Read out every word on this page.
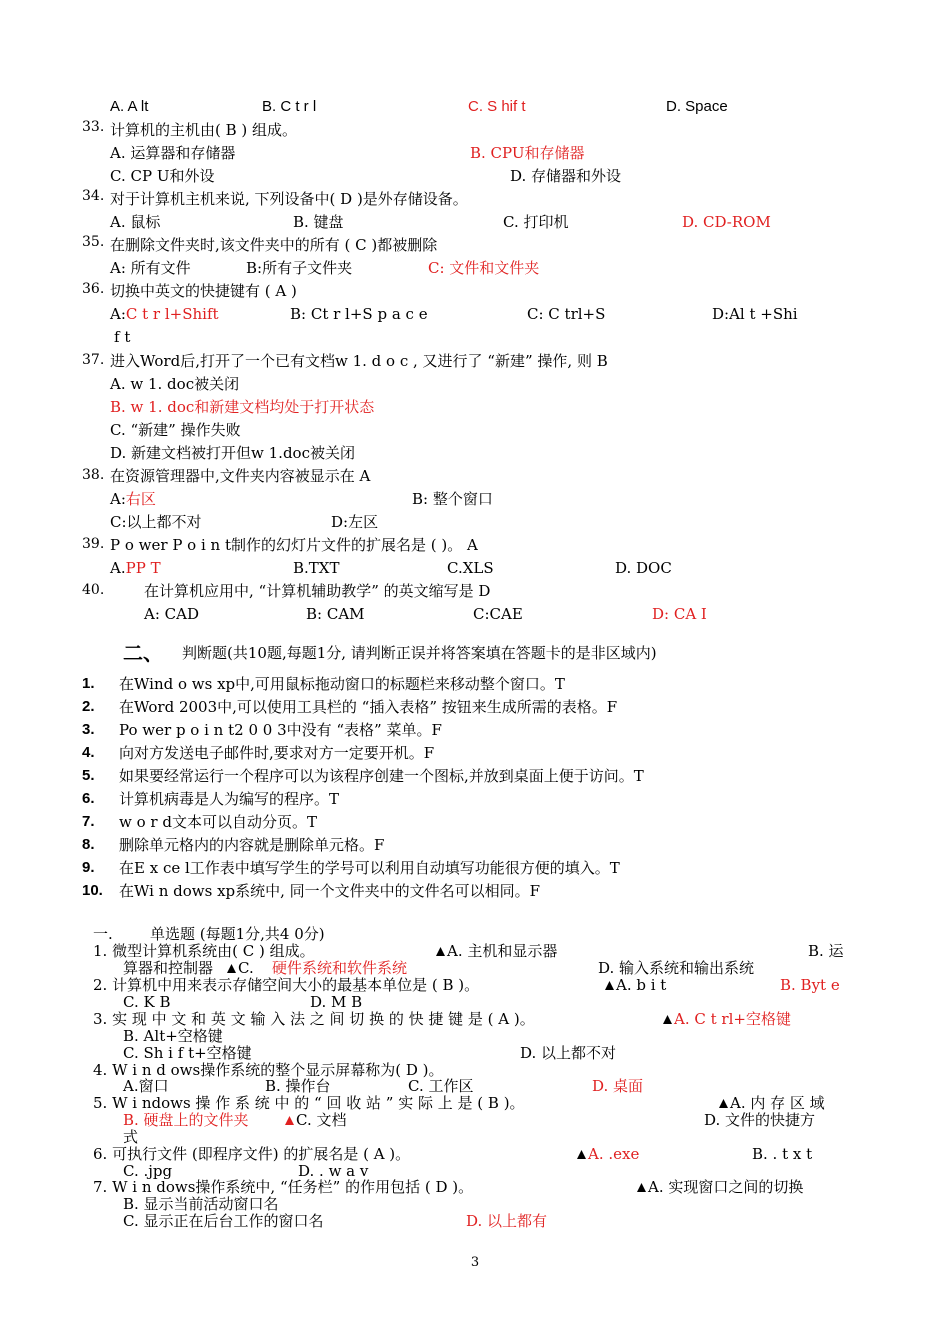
A. A lt	B. C t r l	C. S hif t	D. Space
33. 计算机的主机由( B ) 组成。
A. 运算器和存储器	B. CPU和存储器
C. CP U和外设	D. 存储器和外设
34. 对于计算机主机来说, 下列设备中( D )是外存储设备。
A. 鼠标	B. 键盘	C. 打印机	D. CD-ROM
35. 在删除文件夹时,该文件夹中的所有 ( C )都被删除
A: 所有文件	B:所有子文件夹	C: 文件和文件夹
36. 切换中英文的快捷键有 ( A )
A:C t r l+Shift	B: Ct r l+S p a c e	C: C trl+S	D:Al t +Shi
f t
37. 进入Word后,打开了一个已有文档w 1. d o c , 又进行了 “新建” 操作, 则 B
A. w 1. doc被关闭
B. w 1. doc和新建文档均处于打开状态
C. “新建” 操作失败
D. 新建文档被打开但w 1.doc被关闭
38. 在资源管理器中,文件夹内容被显示在 A
A:右区	B: 整个窗口
C:以上都不对	D:左区
39. P o wer P o i n t制作的幻灯片文件的扩展名是 ( )。 A
A.PP T	B.TXT	C.XLS	D. DOC
40.	在计算机应用中, “计算机辅助教学” 的英文缩写是 D
A: CAD	B: CAM	C:CAE	D: CA I
二、 判断题(共10题,每题1分, 请判断正误并将答案填在答题卡的是非区域内)
1. 在Wind o ws xp中,可用鼠标拖动窗口的标题栏来移动整个窗口。T
2. 在Word 2003中,可以使用工具栏的 “插入表格” 按钮来生成所需的表格。F
3. Po wer p o i n t2 0 0 3中没有 “表格” 菜单。F
4. 向对方发送电子邮件时,要求对方一定要开机。F
5. 如果要经常运行一个程序可以为该程序创建一个图标,并放到桌面上便于访问。T
6. 计算机病毒是人为编写的程序。T
7. w o r d文本可以自动分页。T
8. 删除单元格内的内容就是删除单元格。F
9. 在E x ce l工作表中填写学生的学号可以利用自动填写功能很方便的填入。T
10. 在Wi n dows xp系统中, 同一个文件夹中的文件名可以相同。F
一. 单选题 (每题1分,共4 0分)
1. 微型计算机系统由( C ) 组成。	A. 主机和显示器	B. 运
算器和控制器 C. 硬件系统和软件系统	D. 输入系统和输出系统
2. 计算机中用来表示存储空间大小的最基本单位是 ( B )。	A. b i t	B. Byt e
C. K B	D. M B
3. 实 现 中 文 和 英 文 输 入 法 之 间 切 换 的 快 捷 键 是 ( A )。	A. C t rl+空格键
B. Alt+空格键
C. Sh i f t+空格键	D. 以上都不对
4. W i n d ows操作系统的整个显示屏幕称为( D )。
A.窗口	B. 操作台	C. 工作区	D. 桌面
5. W i ndows 操 作 系 统 中 的 “ 回 收 站 ” 实 际 上 是 ( B )。	A. 内 存 区 域
B. 硬盘上的文件夹	C. 文档	D. 文件的快捷方
式
6. 可执行文件 (即程序文件) 的扩展名是 ( A )。	A. .exe	B. . t x t
C. .jpg	D. . w a v
7. W i n dows操作系统中, “任务栏” 的作用包括 ( D )。	A. 实现窗口之间的切换
B. 显示当前活动窗口名
C. 显示正在后台工作的窗口名	D. 以上都有
3
